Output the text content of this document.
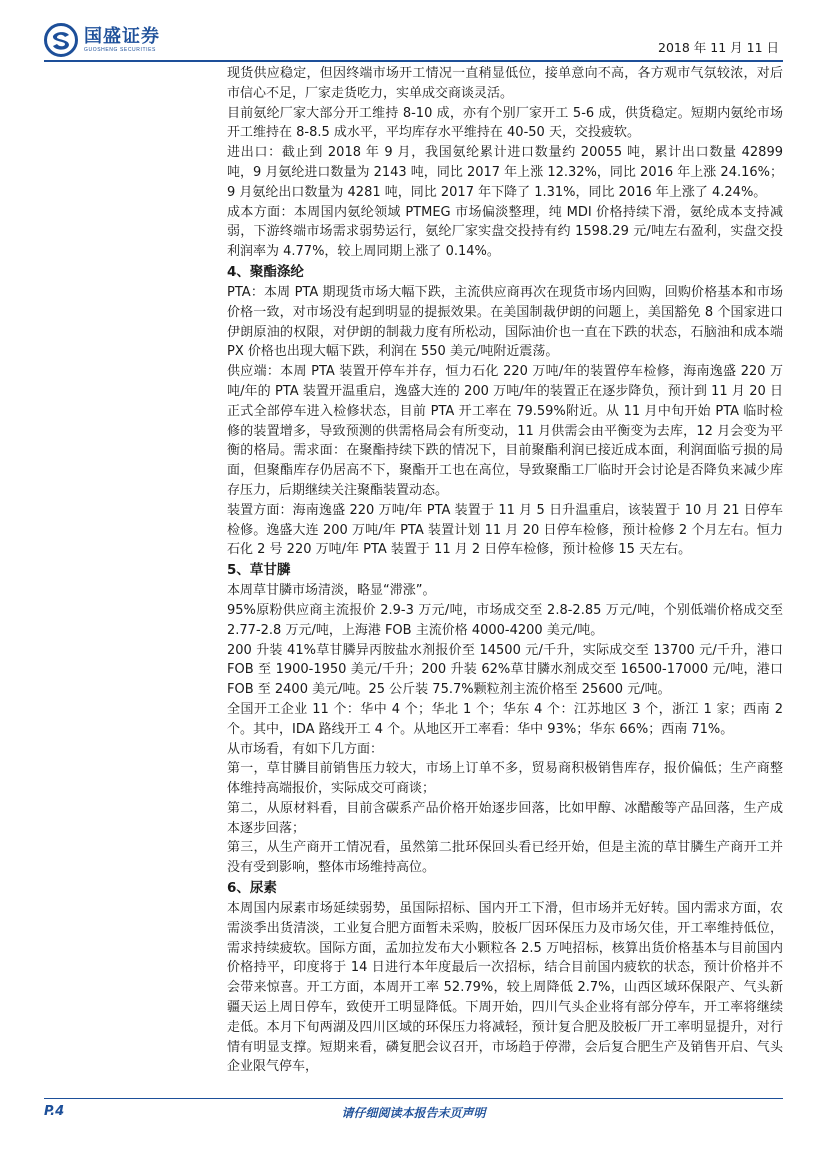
国盛证券
GUOSHENG SECURITIES	2018 年 11 月 11 日

现货供应稳定，但因终端市场开工情况一直稍显低位，接单意向不高，各方观市气氛较浓，对后市信心不足，厂家走货吃力，实单成交商谈灵活。

目前氨纶厂家大部分开工维持 8-10 成，亦有个别厂家开工 5-6 成，供货稳定。短期内氨纶市场开工维持在 8-8.5 成水平，平均库存水平维持在 40-50 天，交投疲软。

进出口：截止到 2018 年 9 月，我国氨纶累计进口数量约 20055 吨，累计出口数量 42899 吨，9 月氨纶进口数量为 2143 吨，同比 2017 年上涨 12.32%，同比 2016 年上涨 24.16%；9 月氨纶出口数量为 4281 吨，同比 2017 年下降了 1.31%，同比 2016 年上涨了 4.24%。

成本方面：本周国内氨纶领域 PTMEG 市场偏淡整理，纯 MDI 价格持续下滑，氨纶成本支持减弱，下游终端市场需求弱势运行，氨纶厂家实盘交投持有约 1598.29 元/吨左右盈利，实盘交投利润率为 4.77%，较上周同期上涨了 0.14%。

4、聚酯涤纶

PTA：本周 PTA 期现货市场大幅下跌，主流供应商再次在现货市场内回购，回购价格基本和市场价格一致，对市场没有起到明显的提振效果。在美国制裁伊朗的问题上，美国豁免 8 个国家进口伊朗原油的权限，对伊朗的制裁力度有所松动，国际油价也一直在下跌的状态，石脑油和成本端 PX 价格也出现大幅下跌，利润在 550 美元/吨附近震荡。

供应端：本周 PTA 装置开停车并存，恒力石化 220 万吨/年的装置停车检修，海南逸盛 220 万吨/年的 PTA 装置开温重启，逸盛大连的 200 万吨/年的装置正在逐步降负，预计到 11 月 20 日正式全部停车进入检修状态，目前 PTA 开工率在 79.59%附近。从 11 月中旬开始 PTA 临时检修的装置增多，导致预测的供需格局会有所变动，11 月供需会由平衡变为去库，12 月会变为平衡的格局。需求面：在聚酯持续下跌的情况下，目前聚酯利润已接近成本面，利润面临亏损的局面，但聚酯库存仍居高不下，聚酯开工也在高位，导致聚酯工厂临时开会讨论是否降负来减少库存压力，后期继续关注聚酯装置动态。

装置方面：海南逸盛 220 万吨/年 PTA 装置于 11 月 5 日升温重启，该装置于 10 月 21 日停车检修。逸盛大连 200 万吨/年 PTA 装置计划 11 月 20 日停车检修，预计检修 2 个月左右。恒力石化 2 号 220 万吨/年 PTA 装置于 11 月 2 日停车检修，预计检修 15 天左右。

5、草甘膦

本周草甘膦市场清淡，略显“滞涨”。

95%原粉供应商主流报价 2.9-3 万元/吨，市场成交至 2.8-2.85 万元/吨，个别低端价格成交至 2.77-2.8 万元/吨，上海港 FOB 主流价格 4000-4200 美元/吨。

200 升装 41%草甘膦异丙胺盐水剂报价至 14500 元/千升，实际成交至 13700 元/千升，港口 FOB 至 1900-1950 美元/千升；200 升装 62%草甘膦水剂成交至 16500-17000 元/吨，港口 FOB 至 2400 美元/吨。25 公斤装 75.7%颗粒剂主流价格至 25600 元/吨。

全国开工企业 11 个：华中 4 个；华北 1 个；华东 4 个：江苏地区 3 个，浙江 1 家；西南 2 个。其中，IDA 路线开工 4 个。从地区开工率看：华中 93%；华东 66%；西南 71%。

从市场看，有如下几方面：

第一，草甘膦目前销售压力较大，市场上订单不多，贸易商积极销售库存，报价偏低；生产商整体维持高端报价，实际成交可商谈；

第二，从原材料看，目前含碳系产品价格开始逐步回落，比如甲醇、冰醋酸等产品回落，生产成本逐步回落；

第三，从生产商开工情况看，虽然第二批环保回头看已经开始，但是主流的草甘膦生产商开工并没有受到影响，整体市场维持高位。

6、尿素

本周国内尿素市场延续弱势，虽国际招标、国内开工下滑，但市场并无好转。国内需求方面，农需淡季出货清淡，工业复合肥方面暂未采购，胶板厂因环保压力及市场欠佳，开工率维持低位，需求持续疲软。国际方面，孟加拉发布大小颗粒各 2.5 万吨招标，核算出货价格基本与目前国内价格持平，印度将于 14 日进行本年度最后一次招标，结合目前国内疲软的状态，预计价格并不会带来惊喜。开工方面，本周开工率 52.79%，较上周降低 2.7%，山西区域环保限产、气头新疆天运上周日停车，致使开工明显降低。下周开始，四川气头企业将有部分停车，开工率将继续走低。本月下旬两湖及四川区域的环保压力将减轻，预计复合肥及胶板厂开工率明显提升，对行情有明显支撑。短期来看，磷复肥会议召开，市场趋于停滞，会后复合肥生产及销售开启、气头企业限气停车，

P.4	请仔细阅读本报告末页声明
